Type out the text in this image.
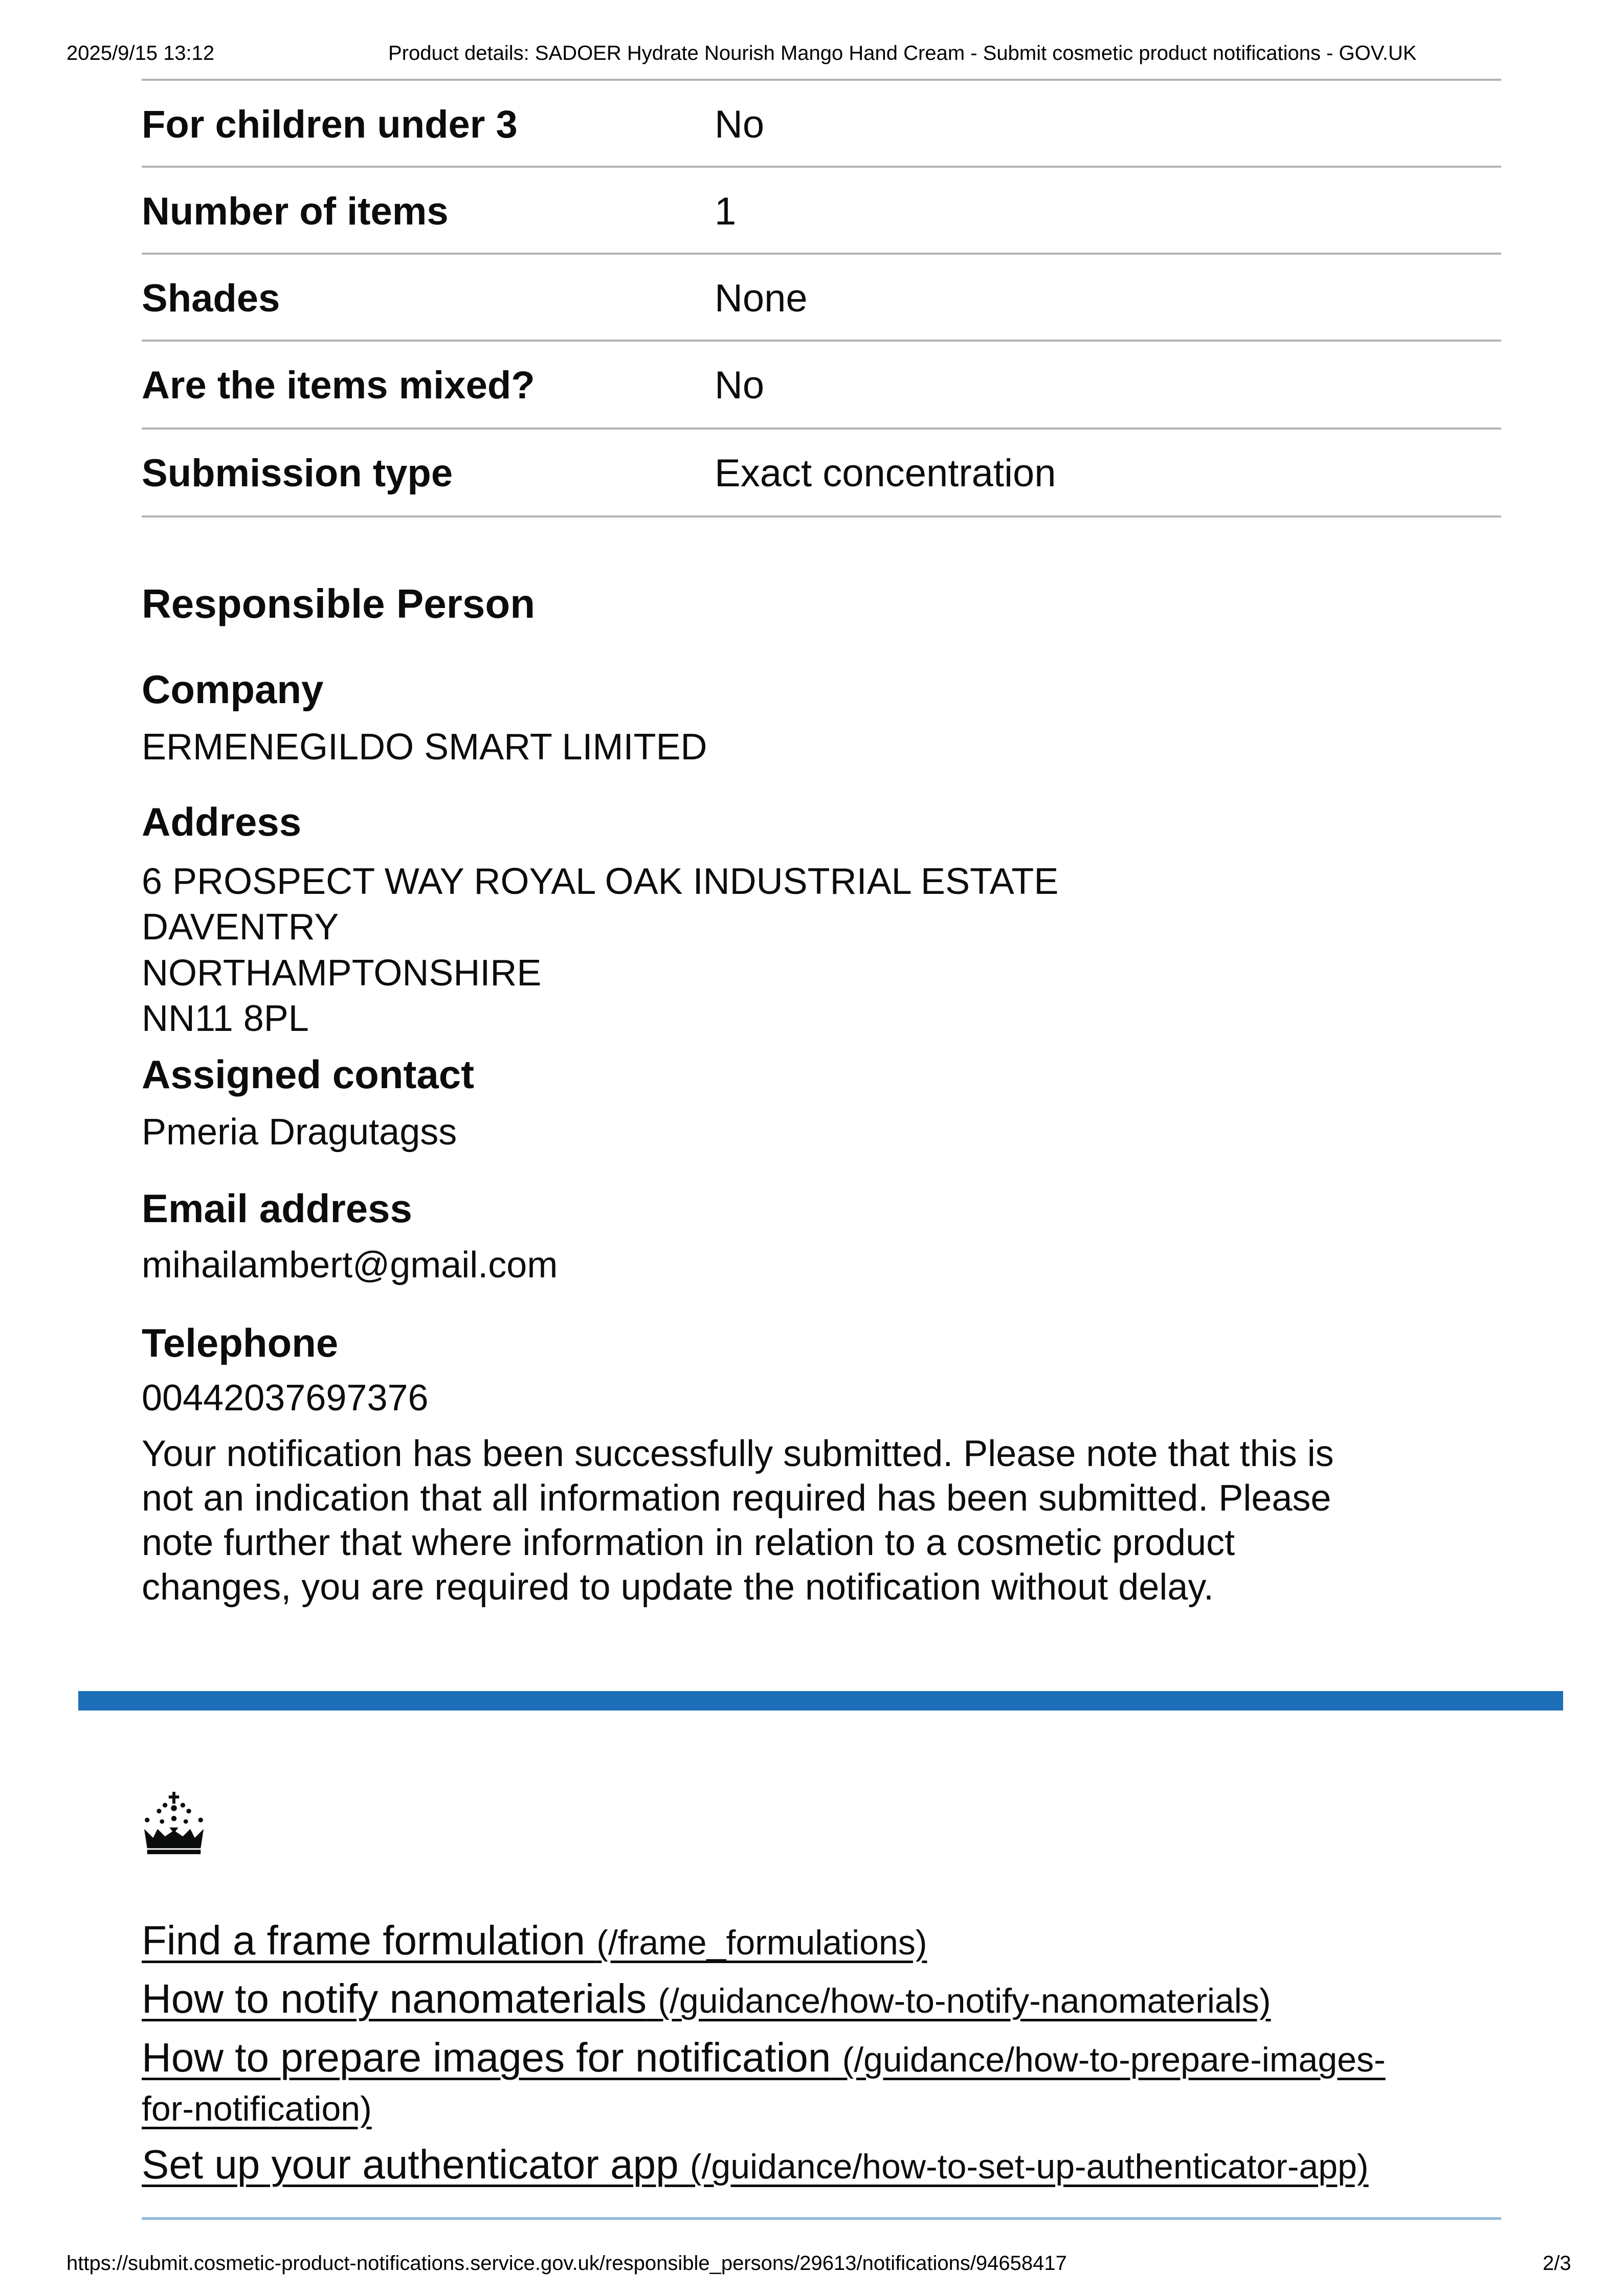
2025/9/15 13:12	Product details: SADOER Hydrate Nourish Mango Hand Cream - Submit cosmetic product notifications - GOV.UK
For children under 3	No
Number of items	1
Shades	None
Are the items mixed?	No
Submission type	Exact concentration
Responsible Person
Company
ERMENEGILDO SMART LIMITED
Address
6 PROSPECT WAY ROYAL OAK INDUSTRIAL ESTATE
DAVENTRY
NORTHAMPTONSHIRE
NN11 8PL
Assigned contact
Pmeria Dragutagss
Email address
mihailambert@gmail.com
Telephone
00442037697376
Your notification has been successfully submitted. Please note that this is
not an indication that all information required has been submitted. Please
note further that where information in relation to a cosmetic product
changes, you are required to update the notification without delay.
Find a frame formulation (/frame_formulations)
How to notify nanomaterials (/guidance/how-to-notify-nanomaterials)
How to prepare images for notification (/guidance/how-to-prepare-images-
for-notification)
Set up your authenticator app (/guidance/how-to-set-up-authenticator-app)
https://submit.cosmetic-product-notifications.service.gov.uk/responsible_persons/29613/notifications/94658417	2/3
